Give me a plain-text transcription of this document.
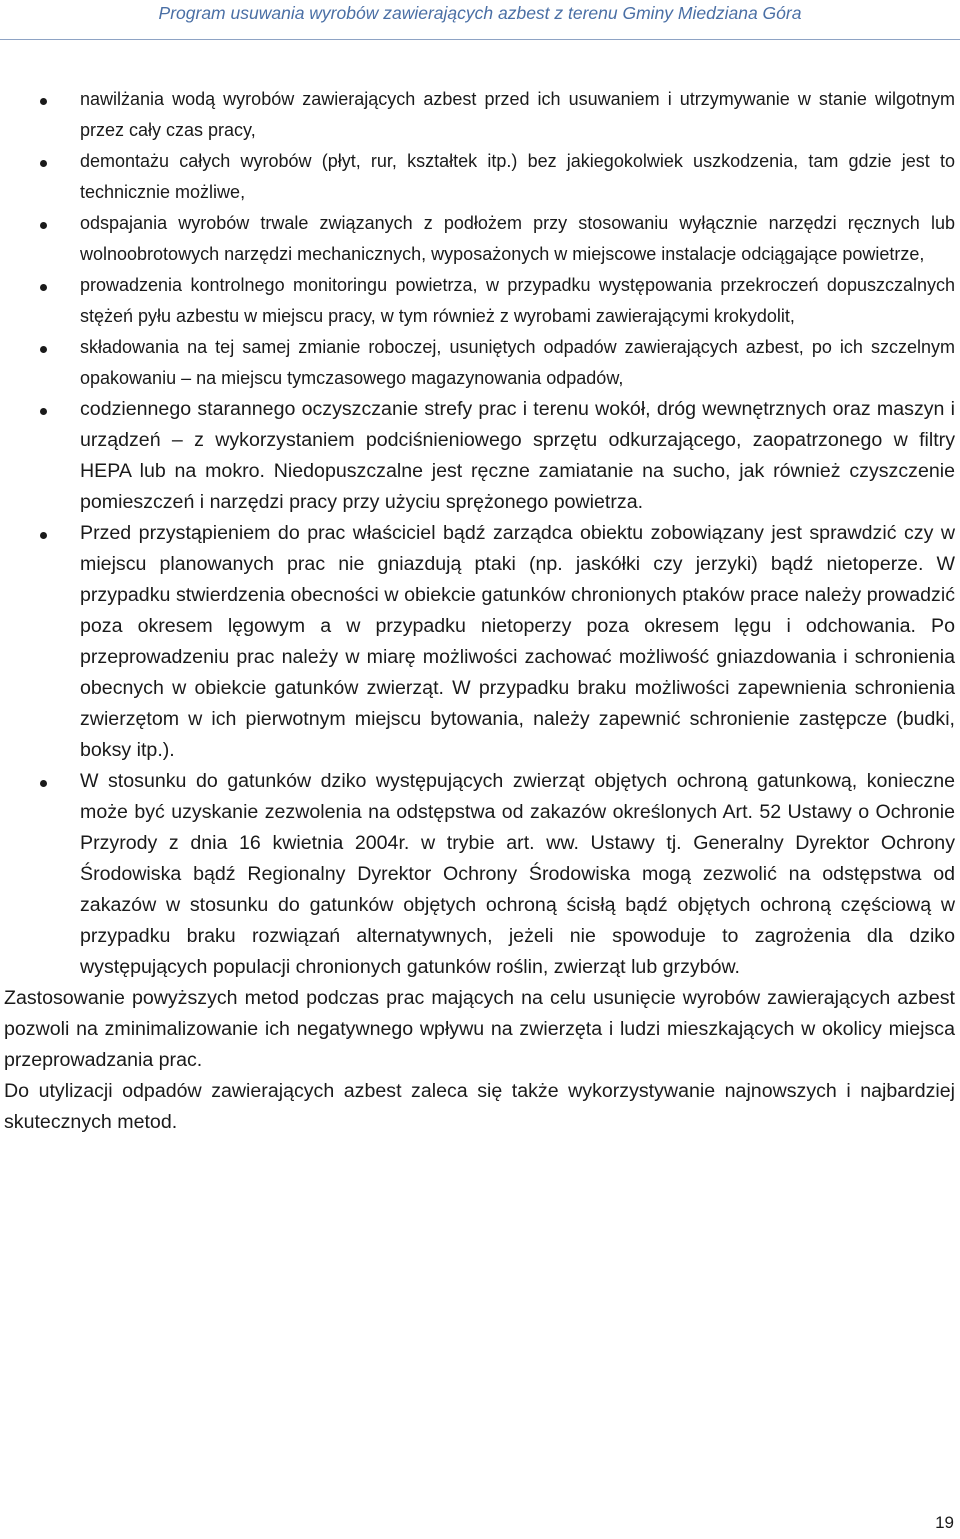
Program usuwania wyrobów zawierających azbest z terenu Gminy Miedziana Góra
nawilżania wodą wyrobów zawierających azbest przed ich usuwaniem i utrzymywanie w stanie wilgotnym przez cały czas pracy,
demontażu całych wyrobów (płyt, rur, kształtek itp.) bez jakiegokolwiek uszkodzenia, tam gdzie jest to technicznie możliwe,
odspajania wyrobów trwale związanych z podłożem przy stosowaniu wyłącznie narzędzi ręcznych lub wolnoobrotowych narzędzi mechanicznych, wyposażonych w miejscowe instalacje odciągające powietrze,
prowadzenia kontrolnego monitoringu powietrza, w przypadku występowania przekroczeń dopuszczalnych stężeń pyłu azbestu w miejscu pracy, w tym również z wyrobami zawierającymi krokydolit,
składowania na tej samej zmianie roboczej, usuniętych odpadów zawierających azbest, po ich szczelnym opakowaniu – na miejscu tymczasowego magazynowania odpadów,
codziennego starannego oczyszczanie strefy prac i terenu wokół, dróg wewnętrznych oraz maszyn i urządzeń – z wykorzystaniem podciśnieniowego sprzętu odkurzającego, zaopatrzonego w filtry HEPA lub na mokro. Niedopuszczalne jest ręczne zamiatanie na sucho, jak również czyszczenie pomieszczeń i narzędzi pracy przy użyciu sprężonego powietrza.
Przed przystąpieniem do prac właściciel bądź zarządca obiektu zobowiązany jest sprawdzić czy w miejscu planowanych prac nie gniazdują ptaki (np. jaskółki czy jerzyki) bądź nietoperze. W przypadku stwierdzenia obecności w obiekcie gatunków chronionych ptaków prace należy prowadzić poza okresem lęgowym a w przypadku nietoperzy poza okresem lęgu i odchowania. Po przeprowadzeniu prac należy w miarę możliwości zachować możliwość gniazdowania i schronienia obecnych w obiekcie gatunków zwierząt. W przypadku braku możliwości zapewnienia schronienia zwierzętom w ich pierwotnym miejscu bytowania, należy zapewnić schronienie zastępcze (budki, boksy itp.).
W stosunku do gatunków dziko występujących zwierząt objętych ochroną gatunkową, konieczne może być uzyskanie zezwolenia na odstępstwa od zakazów określonych Art. 52 Ustawy o Ochronie Przyrody z dnia 16 kwietnia 2004r. w trybie art. ww. Ustawy tj. Generalny Dyrektor Ochrony Środowiska bądź Regionalny Dyrektor Ochrony Środowiska mogą zezwolić na odstępstwa od zakazów w stosunku do gatunków objętych ochroną ścisłą bądź objętych ochroną częściową w przypadku braku rozwiązań alternatywnych, jeżeli nie spowoduje to zagrożenia dla dziko występujących populacji chronionych gatunków roślin, zwierząt lub grzybów.

Zastosowanie powyższych metod podczas prac mających na celu usunięcie wyrobów zawierających azbest pozwoli na zminimalizowanie ich negatywnego wpływu na zwierzęta i ludzi mieszkających w okolicy miejsca przeprowadzania prac.

Do utylizacji odpadów zawierających azbest zaleca się także wykorzystywanie najnowszych i najbardziej skutecznych metod.

19
